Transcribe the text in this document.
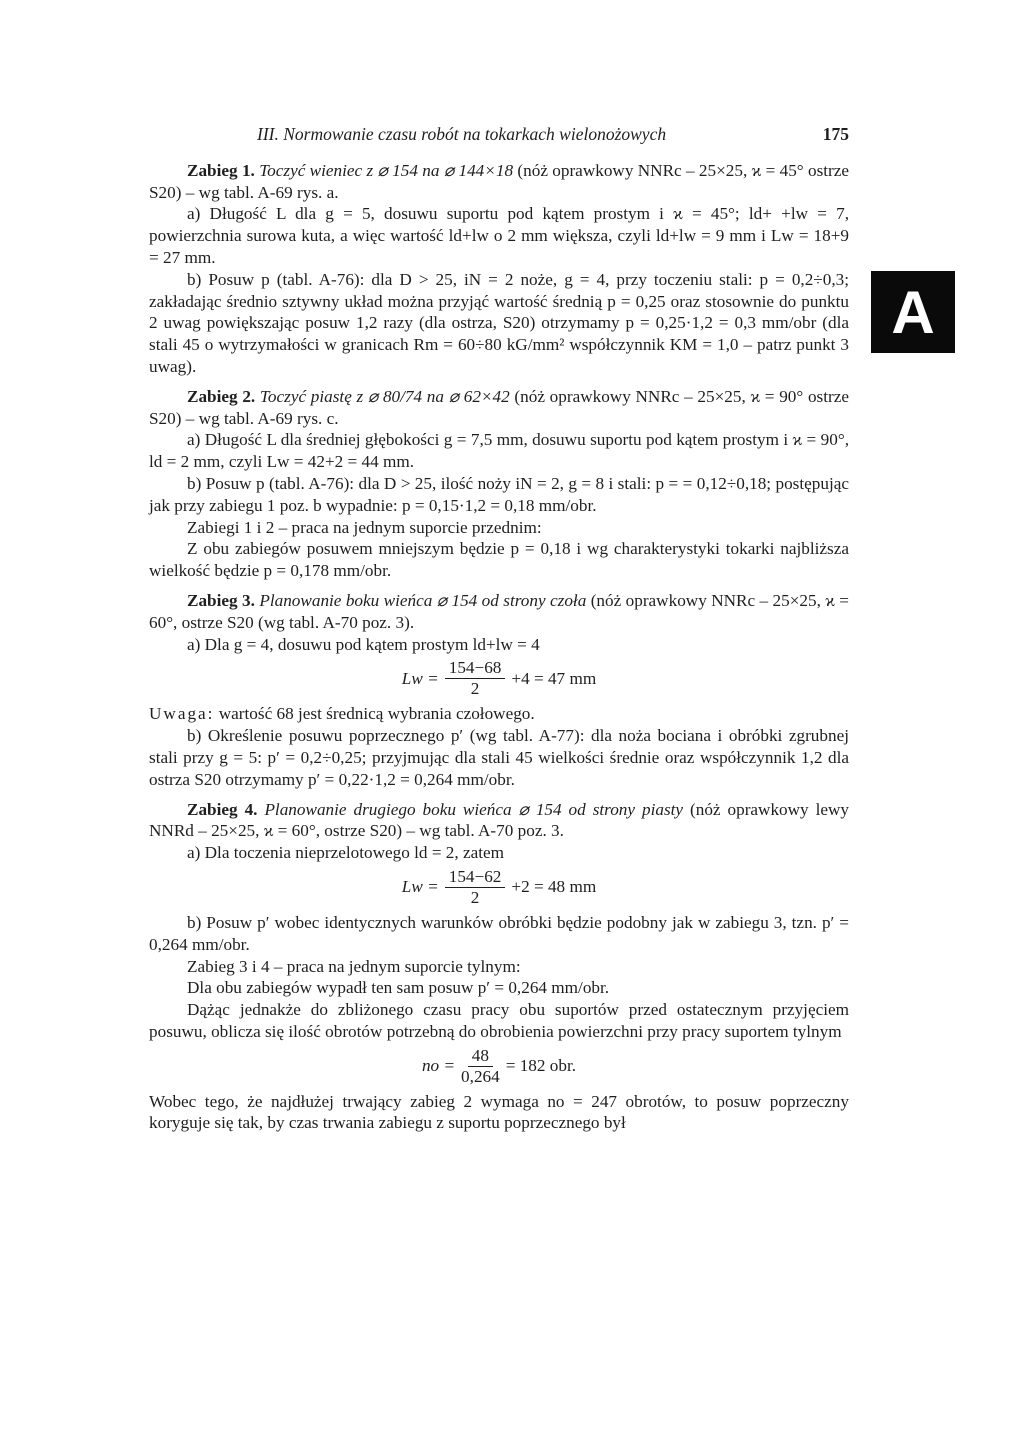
A
III. Normowanie czasu robót na tokarkach wielonożowych	175

Zabieg 1. Toczyć wieniec z ⌀ 154 na ⌀ 144×18 (nóż oprawkowy NNRc – 25×25, ϰ = 45° ostrze S20) – wg tabl. A-69 rys. a.

a) Długość L dla g = 5, dosuwu suportu pod kątem prostym i ϰ = 45°; ld+ +lw = 7, powierzchnia surowa kuta, a więc wartość ld+lw o 2 mm większa, czyli ld+lw = 9 mm i Lw = 18+9 = 27 mm.

b) Posuw p (tabl. A-76): dla D > 25, iN = 2 noże, g = 4, przy toczeniu stali: p = 0,2÷0,3; zakładając średnio sztywny układ można przyjąć wartość średnią p = 0,25 oraz stosownie do punktu 2 uwag powiększając posuw 1,2 razy (dla ostrza, S20) otrzymamy p = 0,25·1,2 = 0,3 mm/obr (dla stali 45 o wytrzymałości w granicach Rm = 60÷80 kG/mm² współczynnik KM = 1,0 – patrz punkt 3 uwag).

Zabieg 2. Toczyć piastę z ⌀ 80/74 na ⌀ 62×42 (nóż oprawkowy NNRc – 25×25, ϰ = 90° ostrze S20) – wg tabl. A-69 rys. c.

a) Długość L dla średniej głębokości g = 7,5 mm, dosuwu suportu pod kątem prostym i ϰ = 90°, ld = 2 mm, czyli Lw = 42+2 = 44 mm.

b) Posuw p (tabl. A-76): dla D > 25, ilość noży iN = 2, g = 8 i stali: p = = 0,12÷0,18; postępując jak przy zabiegu 1 poz. b wypadnie: p = 0,15·1,2 = 0,18 mm/obr.

Zabiegi 1 i 2 – praca na jednym suporcie przednim:

Z obu zabiegów posuwem mniejszym będzie p = 0,18 i wg charakterystyki tokarki najbliższa wielkość będzie p = 0,178 mm/obr.

Zabieg 3. Planowanie boku wieńca ⌀ 154 od strony czoła (nóż oprawkowy NNRc – 25×25, ϰ = 60°, ostrze S20 (wg tabl. A-70 poz. 3).

a) Dla g = 4, dosuwu pod kątem prostym ld+lw = 4

$Lw = \frac{154-68}{2} +4 = 47$ mm

Uwaga: wartość 68 jest średnicą wybrania czołowego.

b) Określenie posuwu poprzecznego p′ (wg tabl. A-77): dla noża bociana i obróbki zgrubnej stali przy g = 5: p′ = 0,2÷0,25; przyjmując dla stali 45 wielkości średnie oraz współczynnik 1,2 dla ostrza S20 otrzymamy p′ = 0,22·1,2 = 0,264 mm/obr.

Zabieg 4. Planowanie drugiego boku wieńca ⌀ 154 od strony piasty (nóż oprawkowy lewy NNRd – 25×25, ϰ = 60°, ostrze S20) – wg tabl. A-70 poz. 3.

a) Dla toczenia nieprzelotowego ld = 2, zatem

$Lw = \frac{154-62}{2} +2 = 48$ mm

b) Posuw p′ wobec identycznych warunków obróbki będzie podobny jak w zabiegu 3, tzn. p′ = 0,264 mm/obr.

Zabieg 3 i 4 – praca na jednym suporcie tylnym:

Dla obu zabiegów wypadł ten sam posuw p′ = 0,264 mm/obr.

Dążąc jednakże do zbliżonego czasu pracy obu suportów przed ostatecznym przyjęciem posuwu, oblicza się ilość obrotów potrzebną do obrobienia powierzchni przy pracy suportem tylnym

no = $\frac{48}{0,264} = 182$ obr.

Wobec tego, że najdłużej trwający zabieg 2 wymaga no = 247 obrotów, to posuw poprzeczny koryguje się tak, by czas trwania zabiegu z suportu poprzecznego był
